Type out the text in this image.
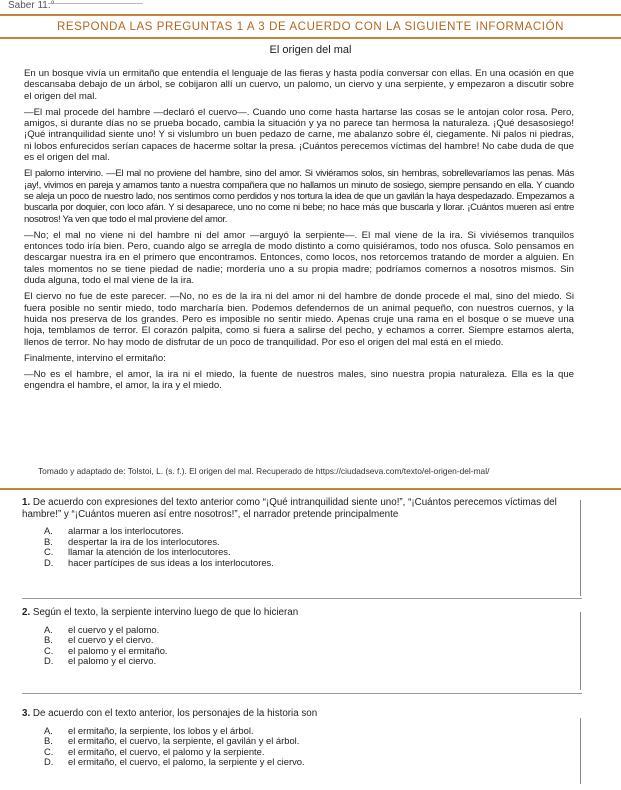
Saber 11.°
RESPONDA LAS PREGUNTAS 1 A 3 DE ACUERDO CON LA SIGUIENTE INFORMACIÓN
El origen del mal

En un bosque vivía un ermitaño que entendía el lenguaje de las fieras y hasta podía conversar con ellas. En una ocasión en que descansaba debajo de un árbol, se cobijaron allí un cuervo, un palomo, un ciervo y una serpiente, y empezaron a discutir sobre el origen del mal.

—El mal procede del hambre —declaró el cuervo—. Cuando uno come hasta hartarse las cosas se le antojan color rosa. Pero, amigos, si durante días no se prueba bocado, cambia la situación y ya no parece tan hermosa la naturaleza. ¡Qué desasosiego! ¡Qué intranquilidad siente uno! Y si vislumbro un buen pedazo de carne, me abalanzo sobre él, ciegamente. Ni palos ni piedras, ni lobos enfurecidos serían capaces de hacerme soltar la presa. ¡Cuántos perecemos víctimas del hambre! No cabe duda de que es el origen del mal.

El palomo intervino. —El mal no proviene del hambre, sino del amor. Si viviéramos solos, sin hembras, sobrellevaríamos las penas. Más ¡ay!, vivimos en pareja y amamos tanto a nuestra compañera que no hallamos un minuto de sosiego, siempre pensando en ella. Y cuando se aleja un poco de nuestro lado, nos sentimos como perdidos y nos tortura la idea de que un gavilán la haya despedazado. Empezamos a buscarla por doquier, con loco afán. Y si desaparece, uno no come ni bebe; no hace más que buscarla y llorar. ¡Cuántos mueren así entre nosotros! Ya ven que todo el mal proviene del amor.

—No; el mal no viene ni del hambre ni del amor —arguyó la serpiente—. El mal viene de la ira. Si viviésemos tranquilos entonces todo iría bien. Pero, cuando algo se arregla de modo distinto a como quisiéramos, todo nos ofusca. Solo pensamos en descargar nuestra ira en el primero que encontramos. Entonces, como locos, nos retorcemos tratando de morder a alguien. En tales momentos no se tiene piedad de nadie; mordería uno a su propia madre; podríamos comernos a nosotros mismos. Sin duda alguna, todo el mal viene de la ira.

El ciervo no fue de este parecer. —No, no es de la ira ni del amor ni del hambre de donde procede el mal, sino del miedo. Si fuera posible no sentir miedo, todo marcharía bien. Podemos defendernos de un animal pequeño, con nuestros cuernos, y la huida nos preserva de los grandes. Pero es imposible no sentir miedo. Apenas cruje una rama en el bosque o se mueve una hoja, temblamos de terror. El corazón palpita, como si fuera a salirse del pecho, y echamos a correr. Siempre estamos alerta, llenos de terror. No hay modo de disfrutar de un poco de tranquilidad. Por eso el origen del mal está en el miedo.

Finalmente, intervino el ermitaño:

—No es el hambre, el amor, la ira ni el miedo, la fuente de nuestros males, sino nuestra propia naturaleza. Ella es la que engendra el hambre, el amor, la ira y el miedo.

Tomado y adaptado de: Tolstoi, L. (s. f.). El origen del mal. Recuperado de https://ciudadseva.com/texto/el-origen-del-mal/
1. De acuerdo con expresiones del texto anterior como “¡Qué intranquilidad siente uno!”, “¡Cuántos perecemos víctimas del hambre!” y “¡Cuántos mueren así entre nosotros!”, el narrador pretende principalmente
A.	alarmar a los interlocutores.
B.	despertar la ira de los interlocutores.
C.	llamar la atención de los interlocutores.
D.	hacer partícipes de sus ideas a los interlocutores.
2. Según el texto, la serpiente intervino luego de que lo hicieran
A.	el cuervo y el palomo.
B.	el cuervo y el ciervo.
C.	el palomo y el ermitaño.
D.	el palomo y el ciervo.
3. De acuerdo con el texto anterior, los personajes de la historia son
A.	el ermitaño, la serpiente, los lobos y el árbol.
B.	el ermitaño, el cuervo, la serpiente, el gavilán y el árbol.
C.	el ermitaño, el cuervo, el palomo y la serpiente.
D.	el ermitaño, el cuervo, el palomo, la serpiente y el ciervo.
